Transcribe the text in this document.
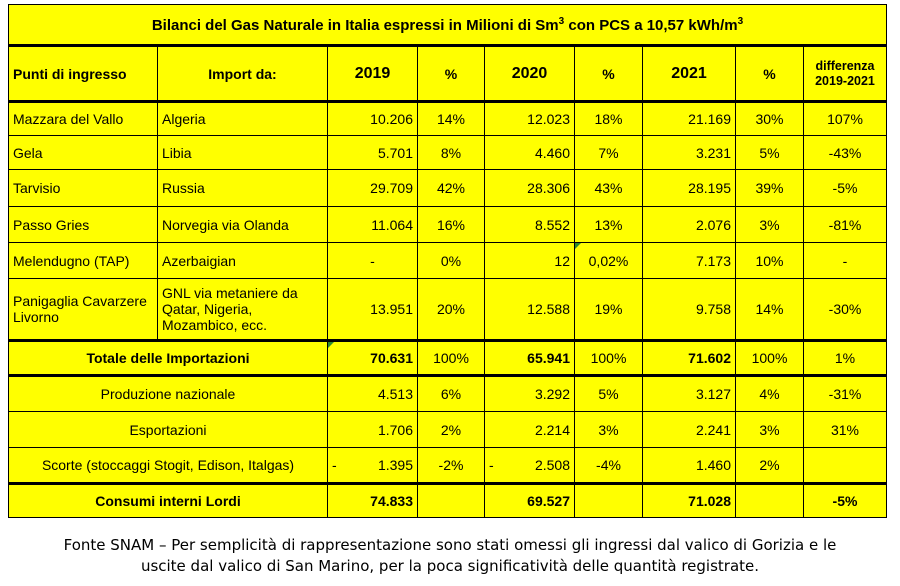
Bilanci del Gas Naturale in Italia espressi in Milioni di Sm$^3$ con PCS a 10,57 kWh/$m^3$
Punti di ingresso	Import da:	2019	%	2020	%	2021	%	differenza
2019-2021
Mazzara del Vallo	Algeria	10.206	14%	12.023	18%	21.169	30%	107%
Gela	Libia	5.701	8%	4.460	7%	3.231	5%	-43%
Tarvisio	Russia	29.709	42%	28.306	43%	28.195	39%	-5%
Passo Gries	Norvegia via Olanda	11.064	16%	8.552	13%	2.076	3%	-81%
Melendugno (TAP)	Azerbaigian	-	0%	12	0,02%	7.173	10%	-
Panigaglia Cavarzere Livorno	GNL via metaniere da Qatar, Nigeria, Mozambico, ecc.	13.951	20%	12.588	19%	9.758	14%	-30%
Totale delle Importazioni		70.631	100%	65.941	100%	71.602	100%	1%
Produzione nazionale		4.513	6%	3.292	5%	3.127	4%	-31%
Esportazioni		1.706	2%	2.214	3%	2.241	3%	31%
Scorte (stoccaggi Stogit, Edison, Italgas)		- 1.395	-2%	- 2.508	-4%	1.460	2%	
Consumi interni Lordi		74.833		69.527		71.028		-5%
Fonte SNAM – Per semplicità di rappresentazione sono stati omessi gli ingressi dal valico di Gorizia e le
uscite dal valico di San Marino, per la poca significatività delle quantità registrate.
